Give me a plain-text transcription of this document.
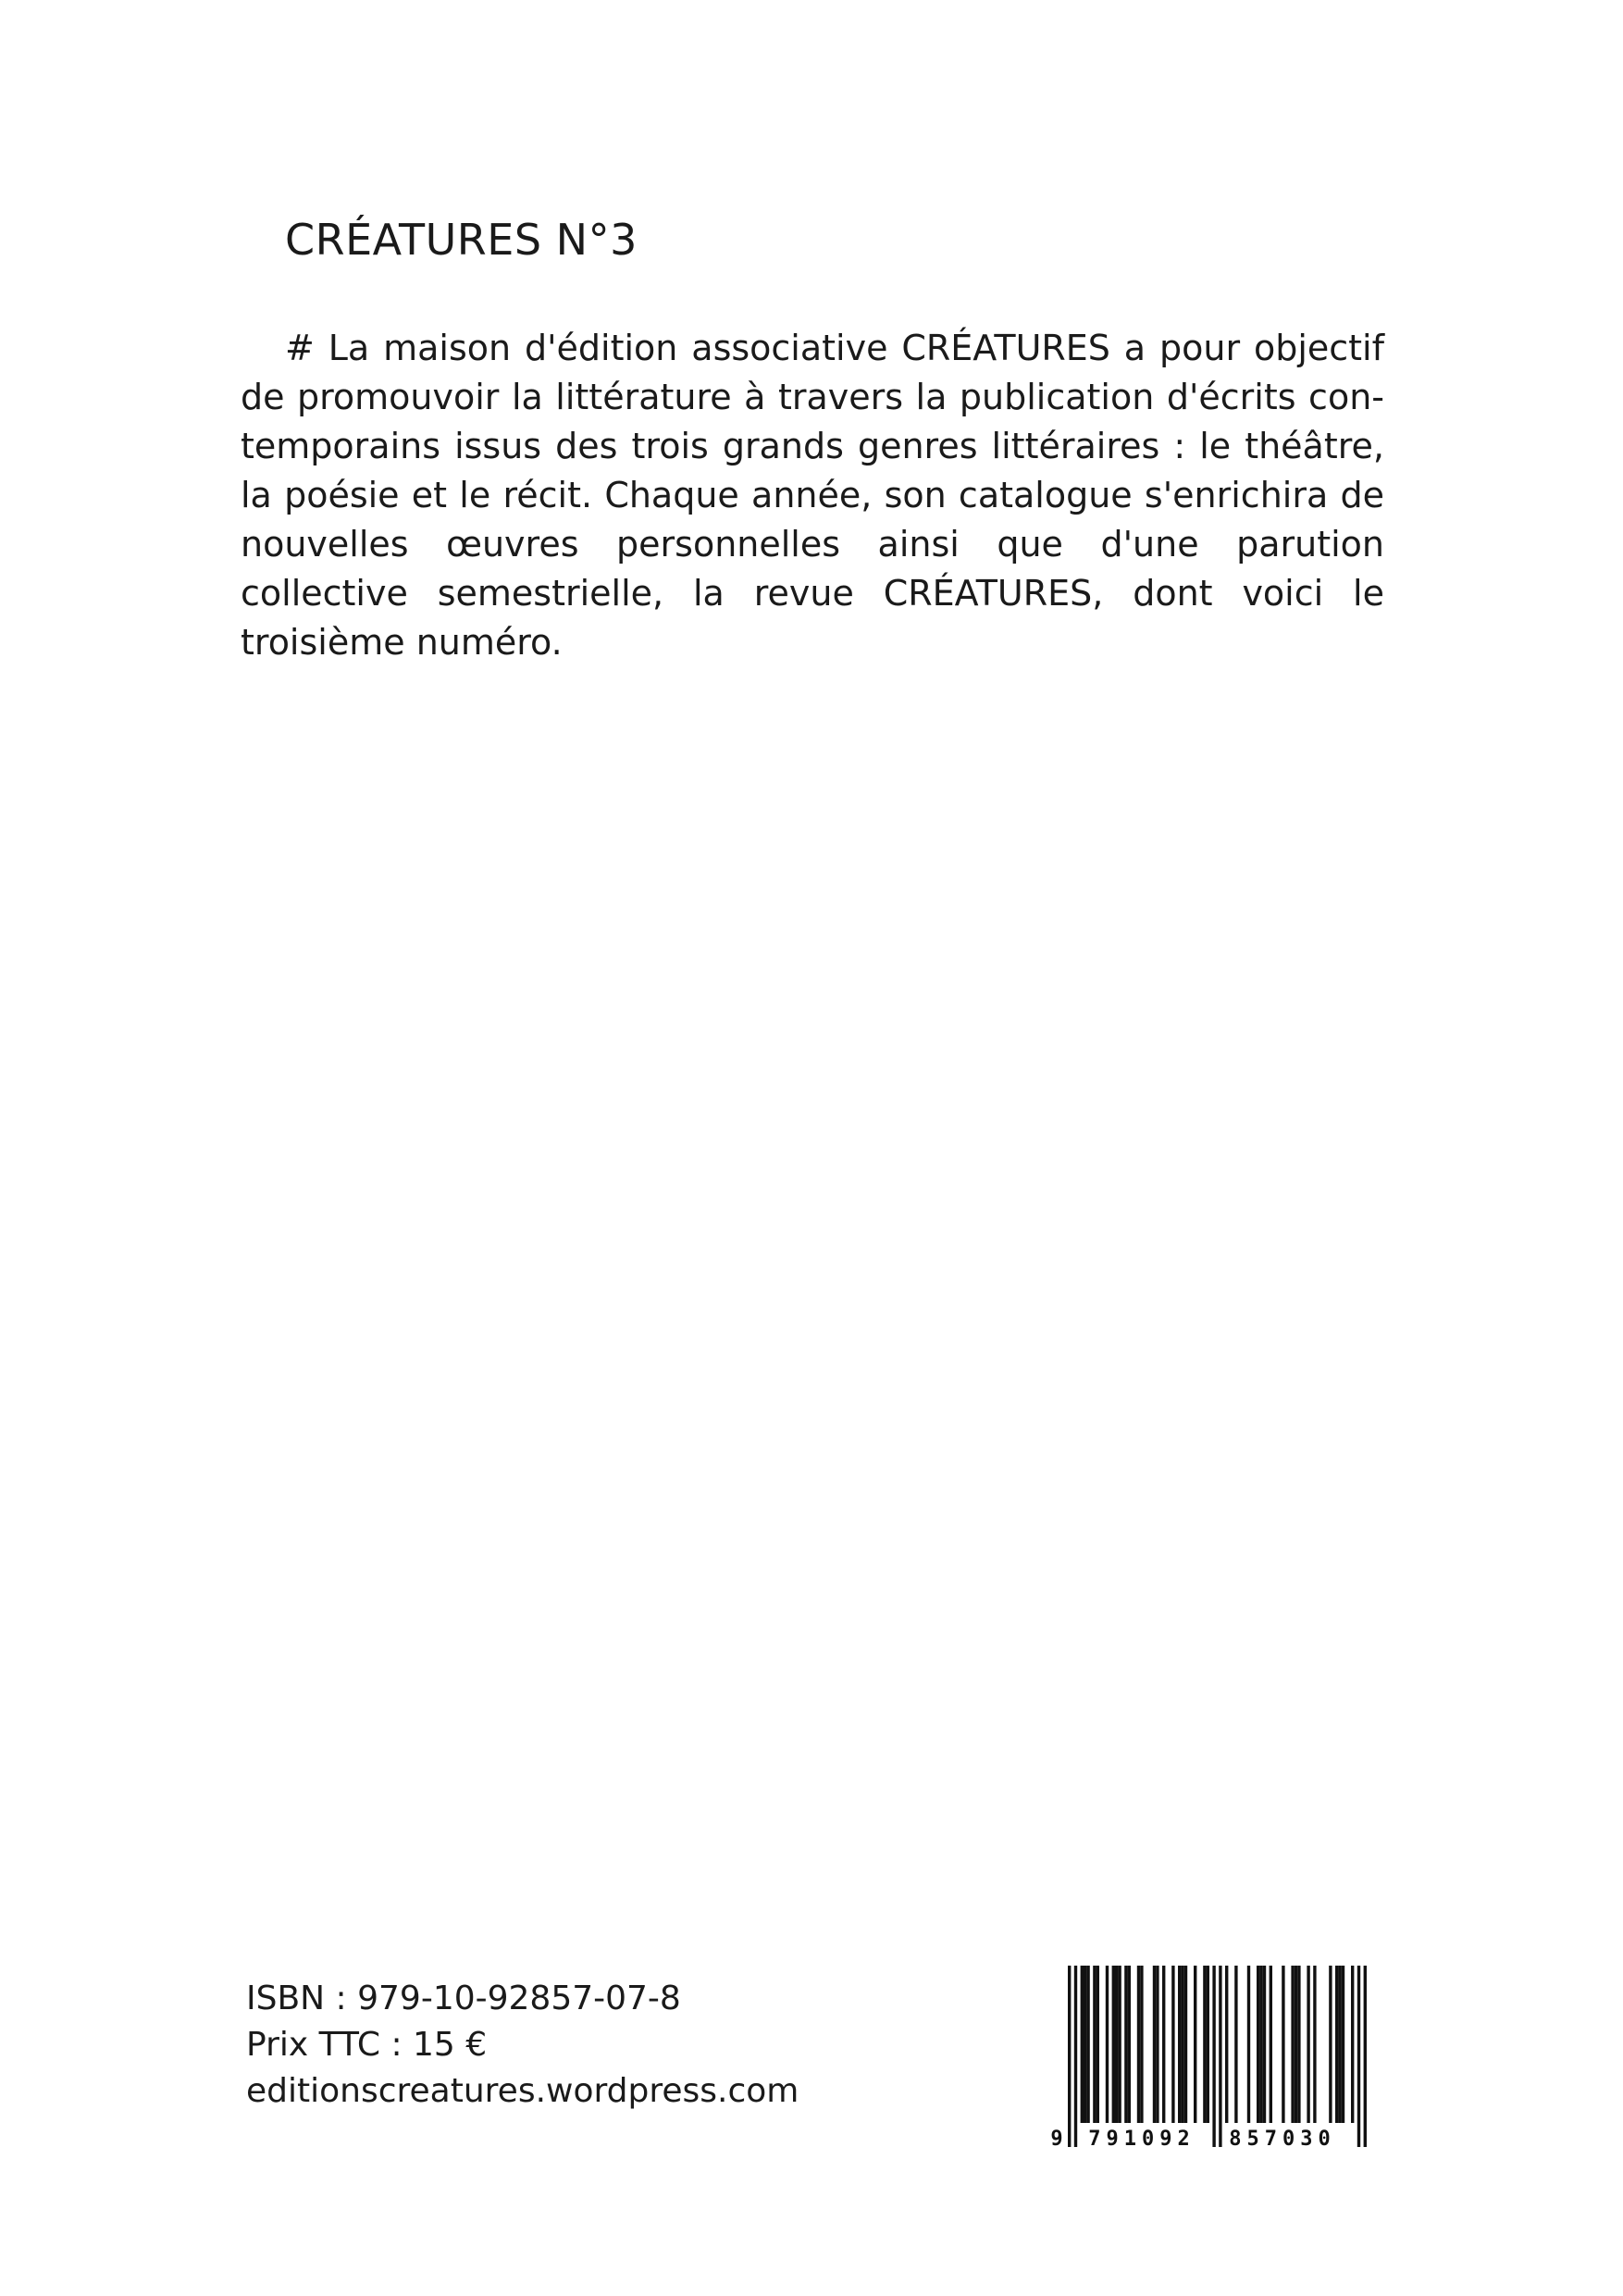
CRÉATURES N°3

# La maison d'édition associative CRÉATURES a pour objectif de promouvoir la littérature à travers la publication d'écrits contemporains issus des trois grands genres littéraires : le théâtre, la poésie et le récit. Chaque année, son catalogue s'enrichira de nouvelles œuvres personnelles ainsi que d'une parution collective semestrielle, la revue CRÉATURES, dont voici le troisième numéro.

ISBN : 979-10-92857-07-8
Prix TTC : 15 €
editionscreatures.wordpress.com
9 791092 857030
